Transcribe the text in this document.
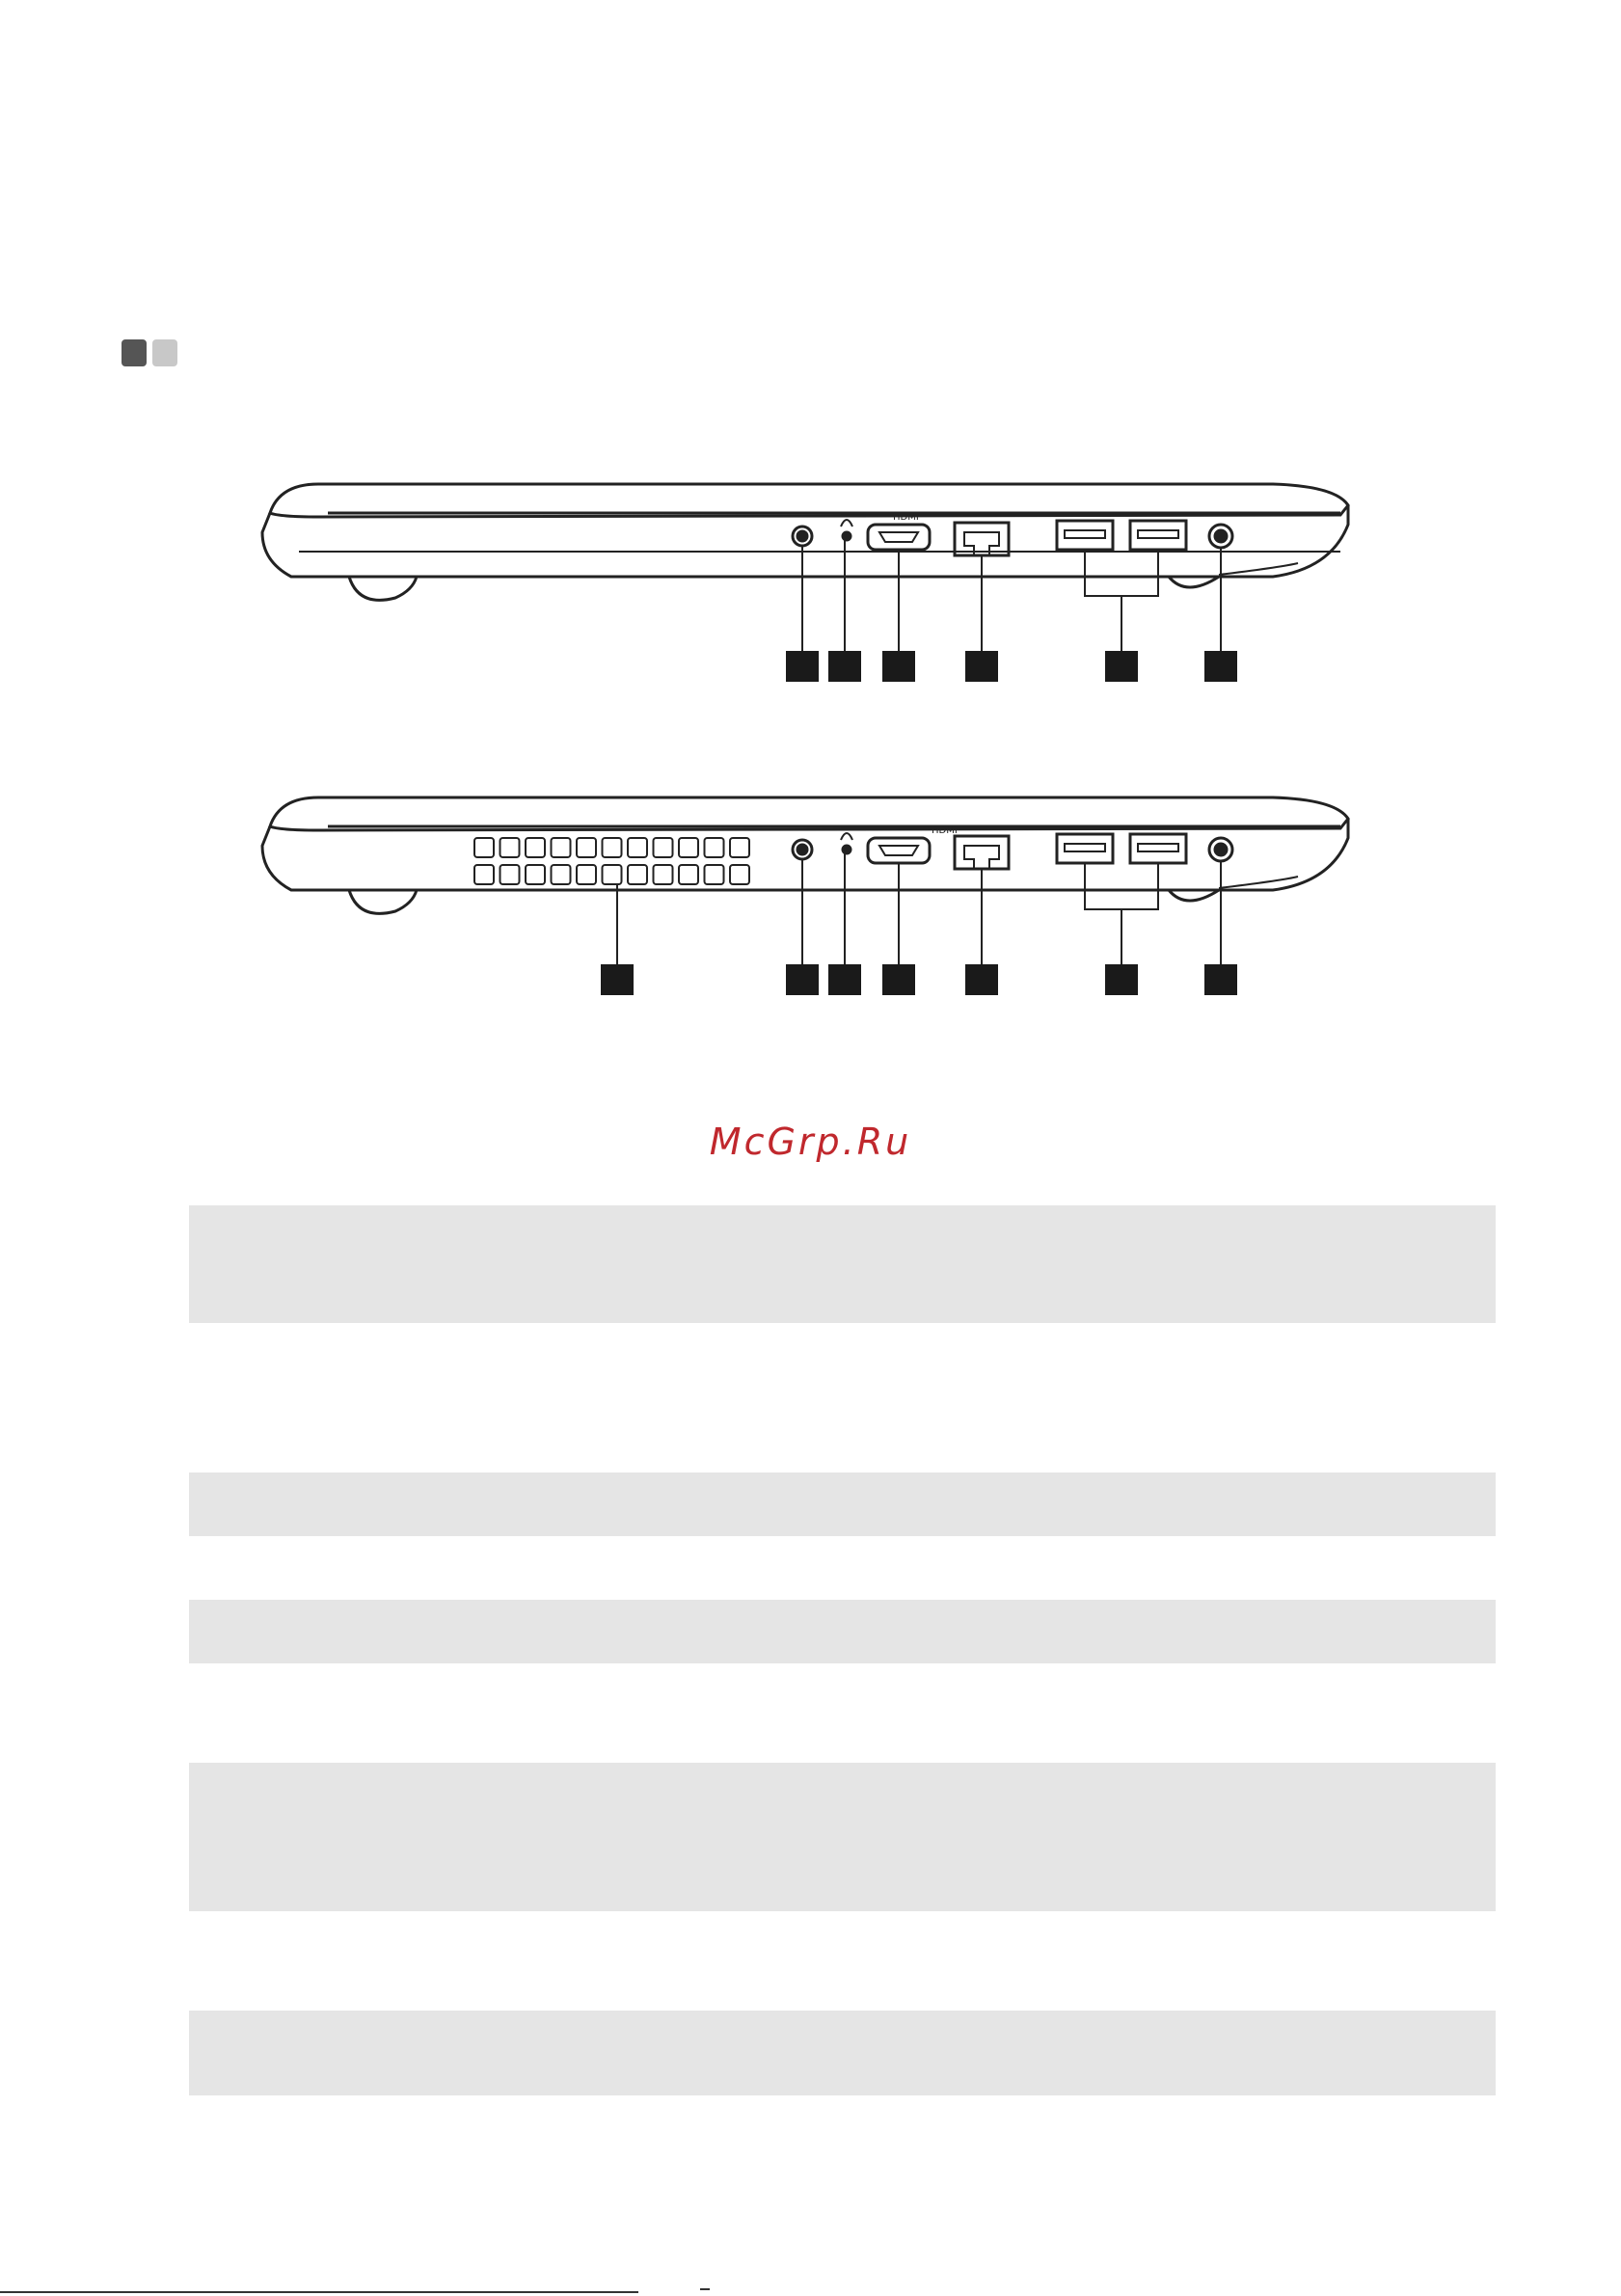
HDMI
HDMI
McGrp.Ru
